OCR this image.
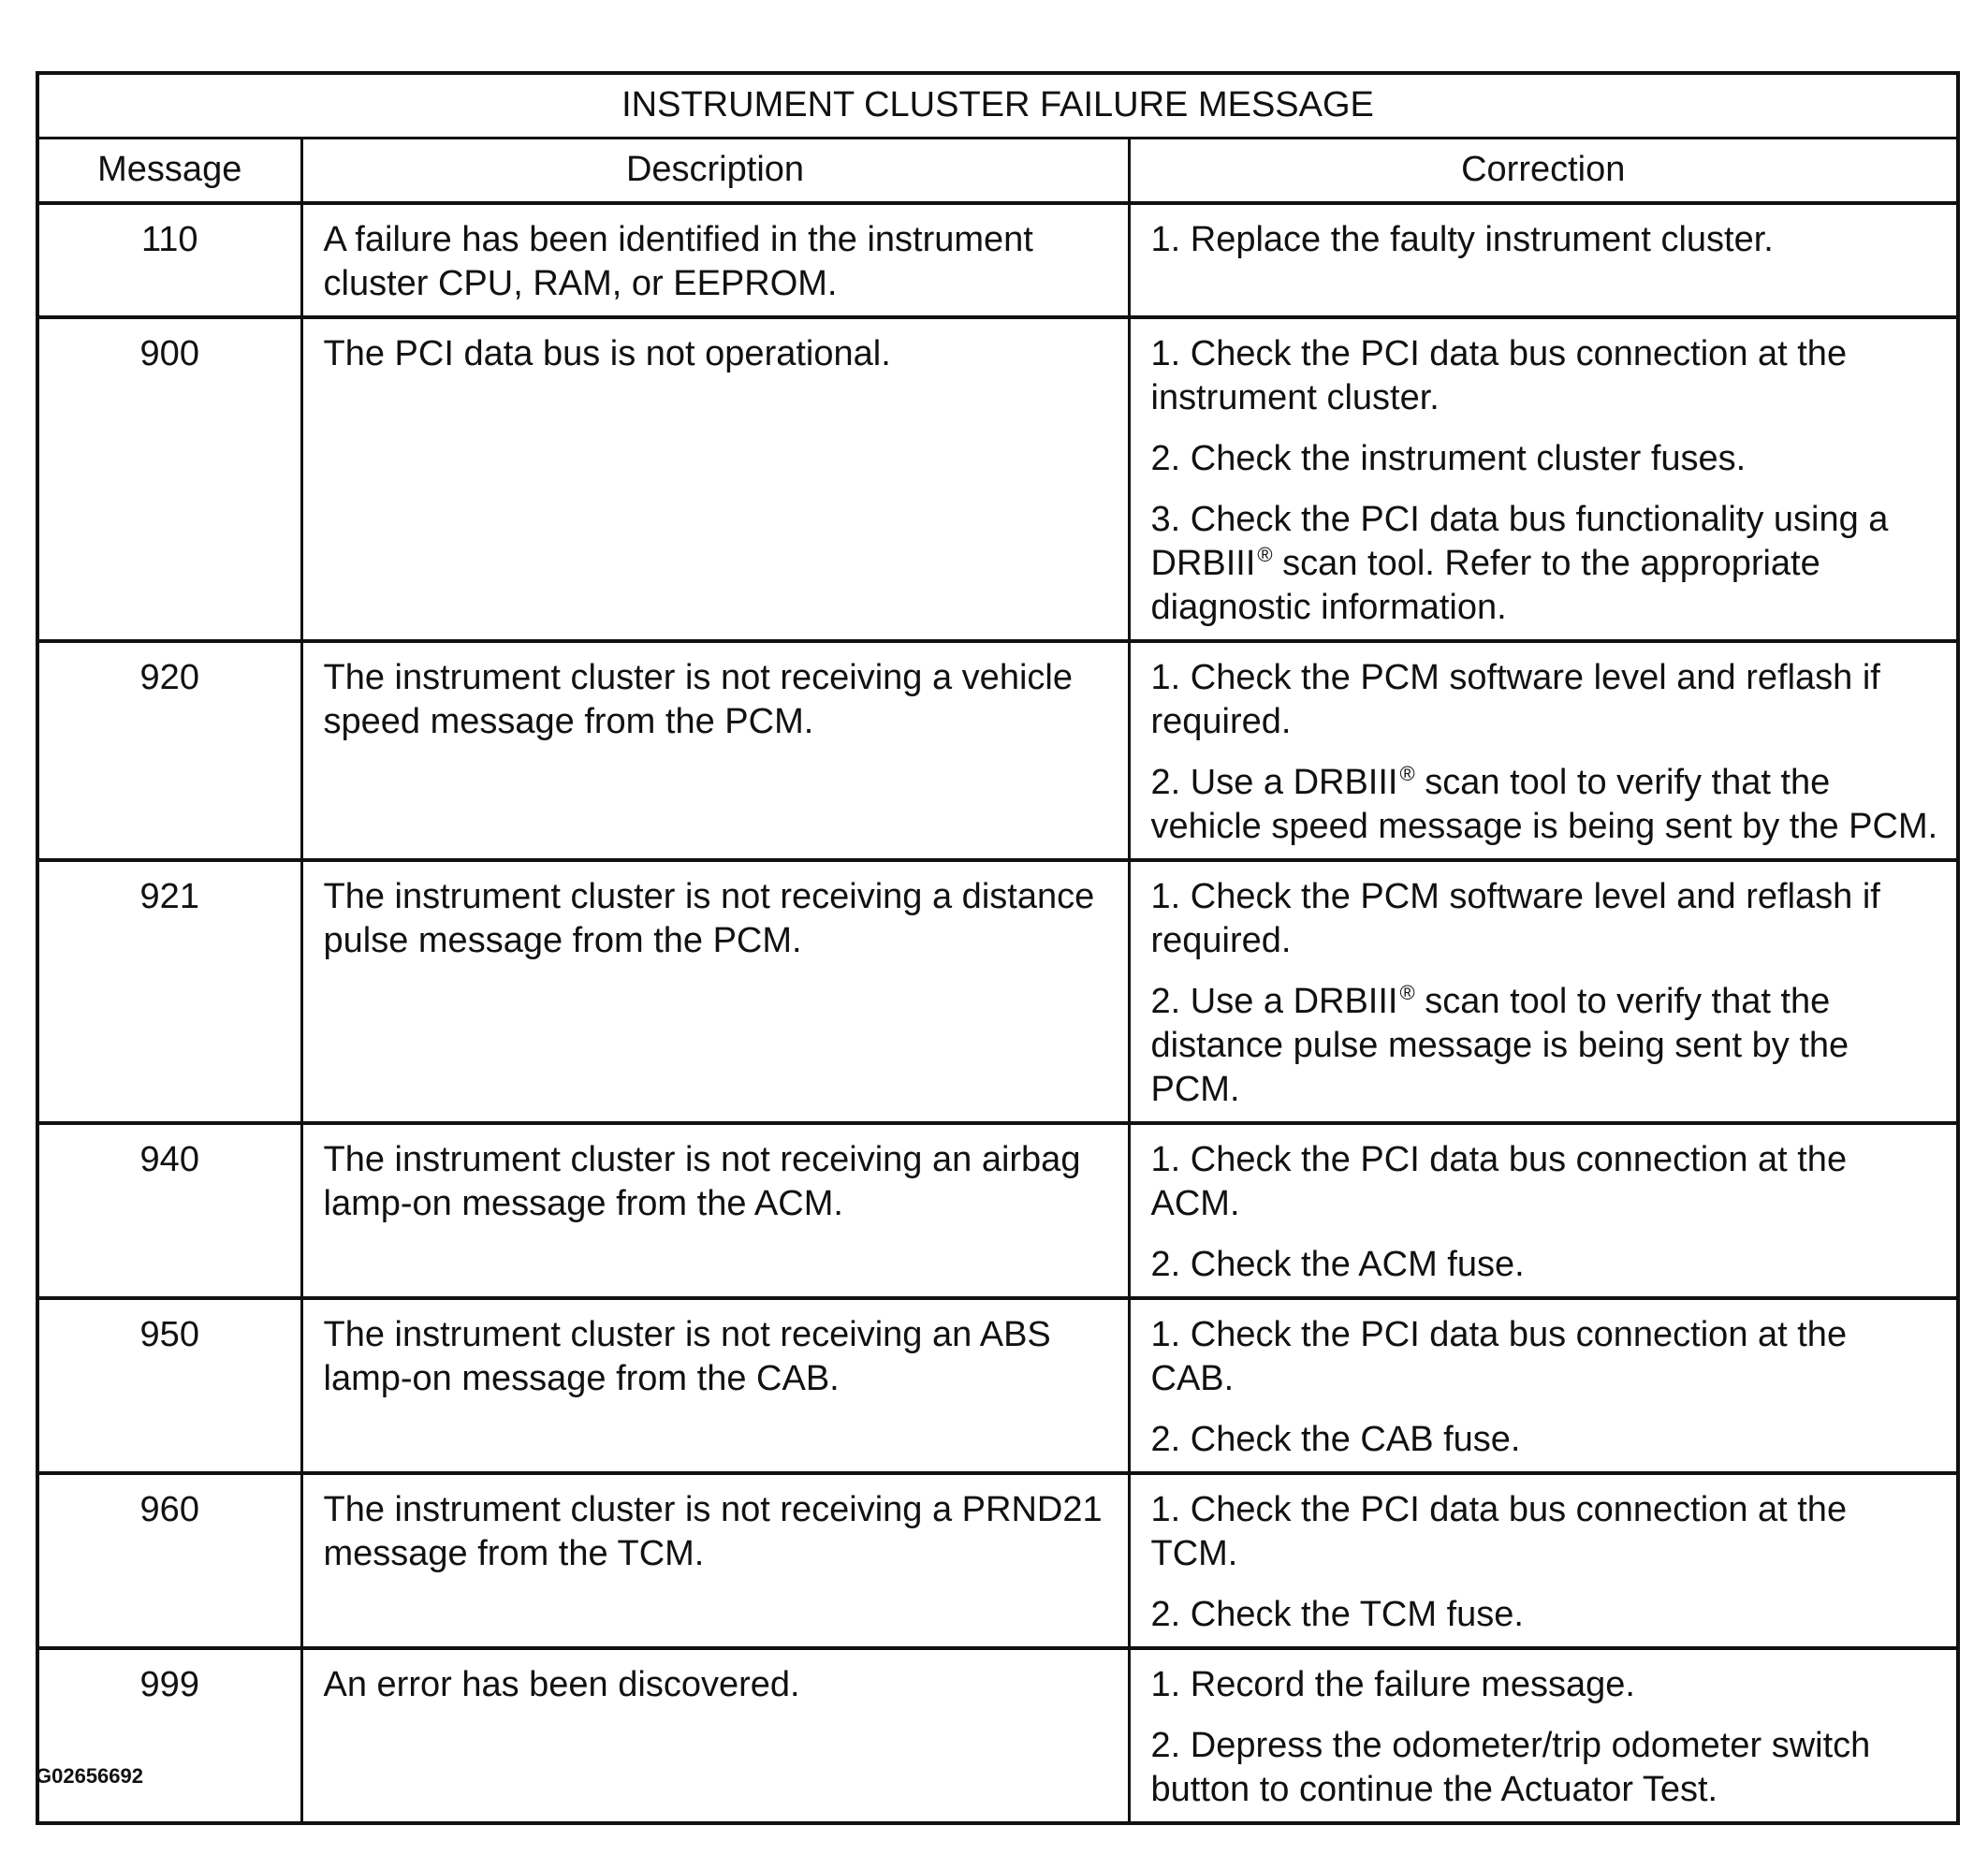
INSTRUMENT CLUSTER FAILURE MESSAGE		
Message	Description	Correction
110	A failure has been identified in the instrument cluster CPU, RAM, or EEPROM.	1. Replace the faulty instrument cluster.

900	The PCI data bus is not operational.	1. Check the PCI data bus connection at the instrument cluster.
2. Check the instrument cluster fuses.
3. Check the PCI data bus functionality using a DRBIII® scan tool. Refer to the appropriate diagnostic information.

920	The instrument cluster is not receiving a vehicle speed message from the PCM.	1. Check the PCM software level and reflash if required.
2. Use a DRBIII® scan tool to verify that the vehicle speed message is being sent by the PCM.

921	The instrument cluster is not receiving a distance pulse message from the PCM.	1. Check the PCM software level and reflash if required.
2. Use a DRBIII® scan tool to verify that the distance pulse message is being sent by the PCM.

940	The instrument cluster is not receiving an airbag lamp-on message from the ACM.	1. Check the PCI data bus connection at the ACM.
2. Check the ACM fuse.

950	The instrument cluster is not receiving an ABS lamp-on message from the CAB.	1. Check the PCI data bus connection at the CAB.
2. Check the CAB fuse.

960	The instrument cluster is not receiving a PRND21 message from the TCM.	1. Check the PCI data bus connection at the TCM.
2. Check the TCM fuse.

999	An error has been discovered.	1. Record the failure message.
2. Depress the odometer/trip odometer switch button to continue the Actuator Test.
G02656692
